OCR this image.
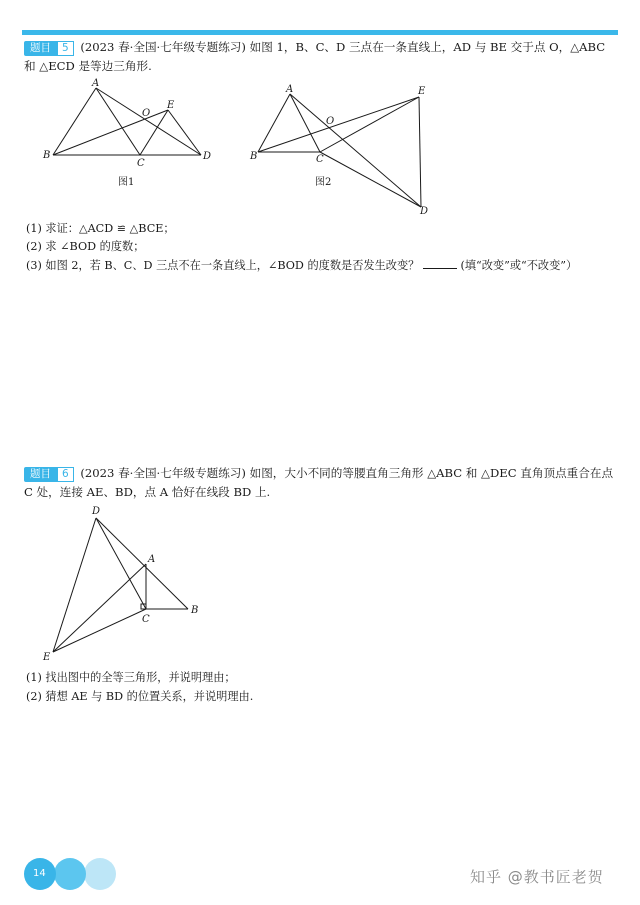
题目 5 (2023 春·全国·七年级专题练习) 如图 1，B、C、D 三点在一条直线上，AD 与 BE 交于点 O，△ABC 和 △ECD 是等边三角形.
A
B
C
D
E
O
图1
A
B	C
D
E
O
图2
(1) 求证：△ACD ≌ △BCE；
(2) 求 ∠BOD 的度数；
(3) 如图 2，若 B、C、D 三点不在一条直线上，∠BOD 的度数是否发生改变？	(填“改变”或“不改变”）
题目 6 (2023 春·全国·七年级专题练习) 如图，大小不同的等腰直角三角形 △ABC 和 △DEC 直角顶点重合在点 C 处，连接 AE、BD，点 A 恰好在线段 BD 上.
D
A
B
C
E
(1) 找出图中的全等三角形，并说明理由；
(2) 猜想 AE 与 BD 的位置关系，并说明理由.
14	知乎 @教书匠老贺
